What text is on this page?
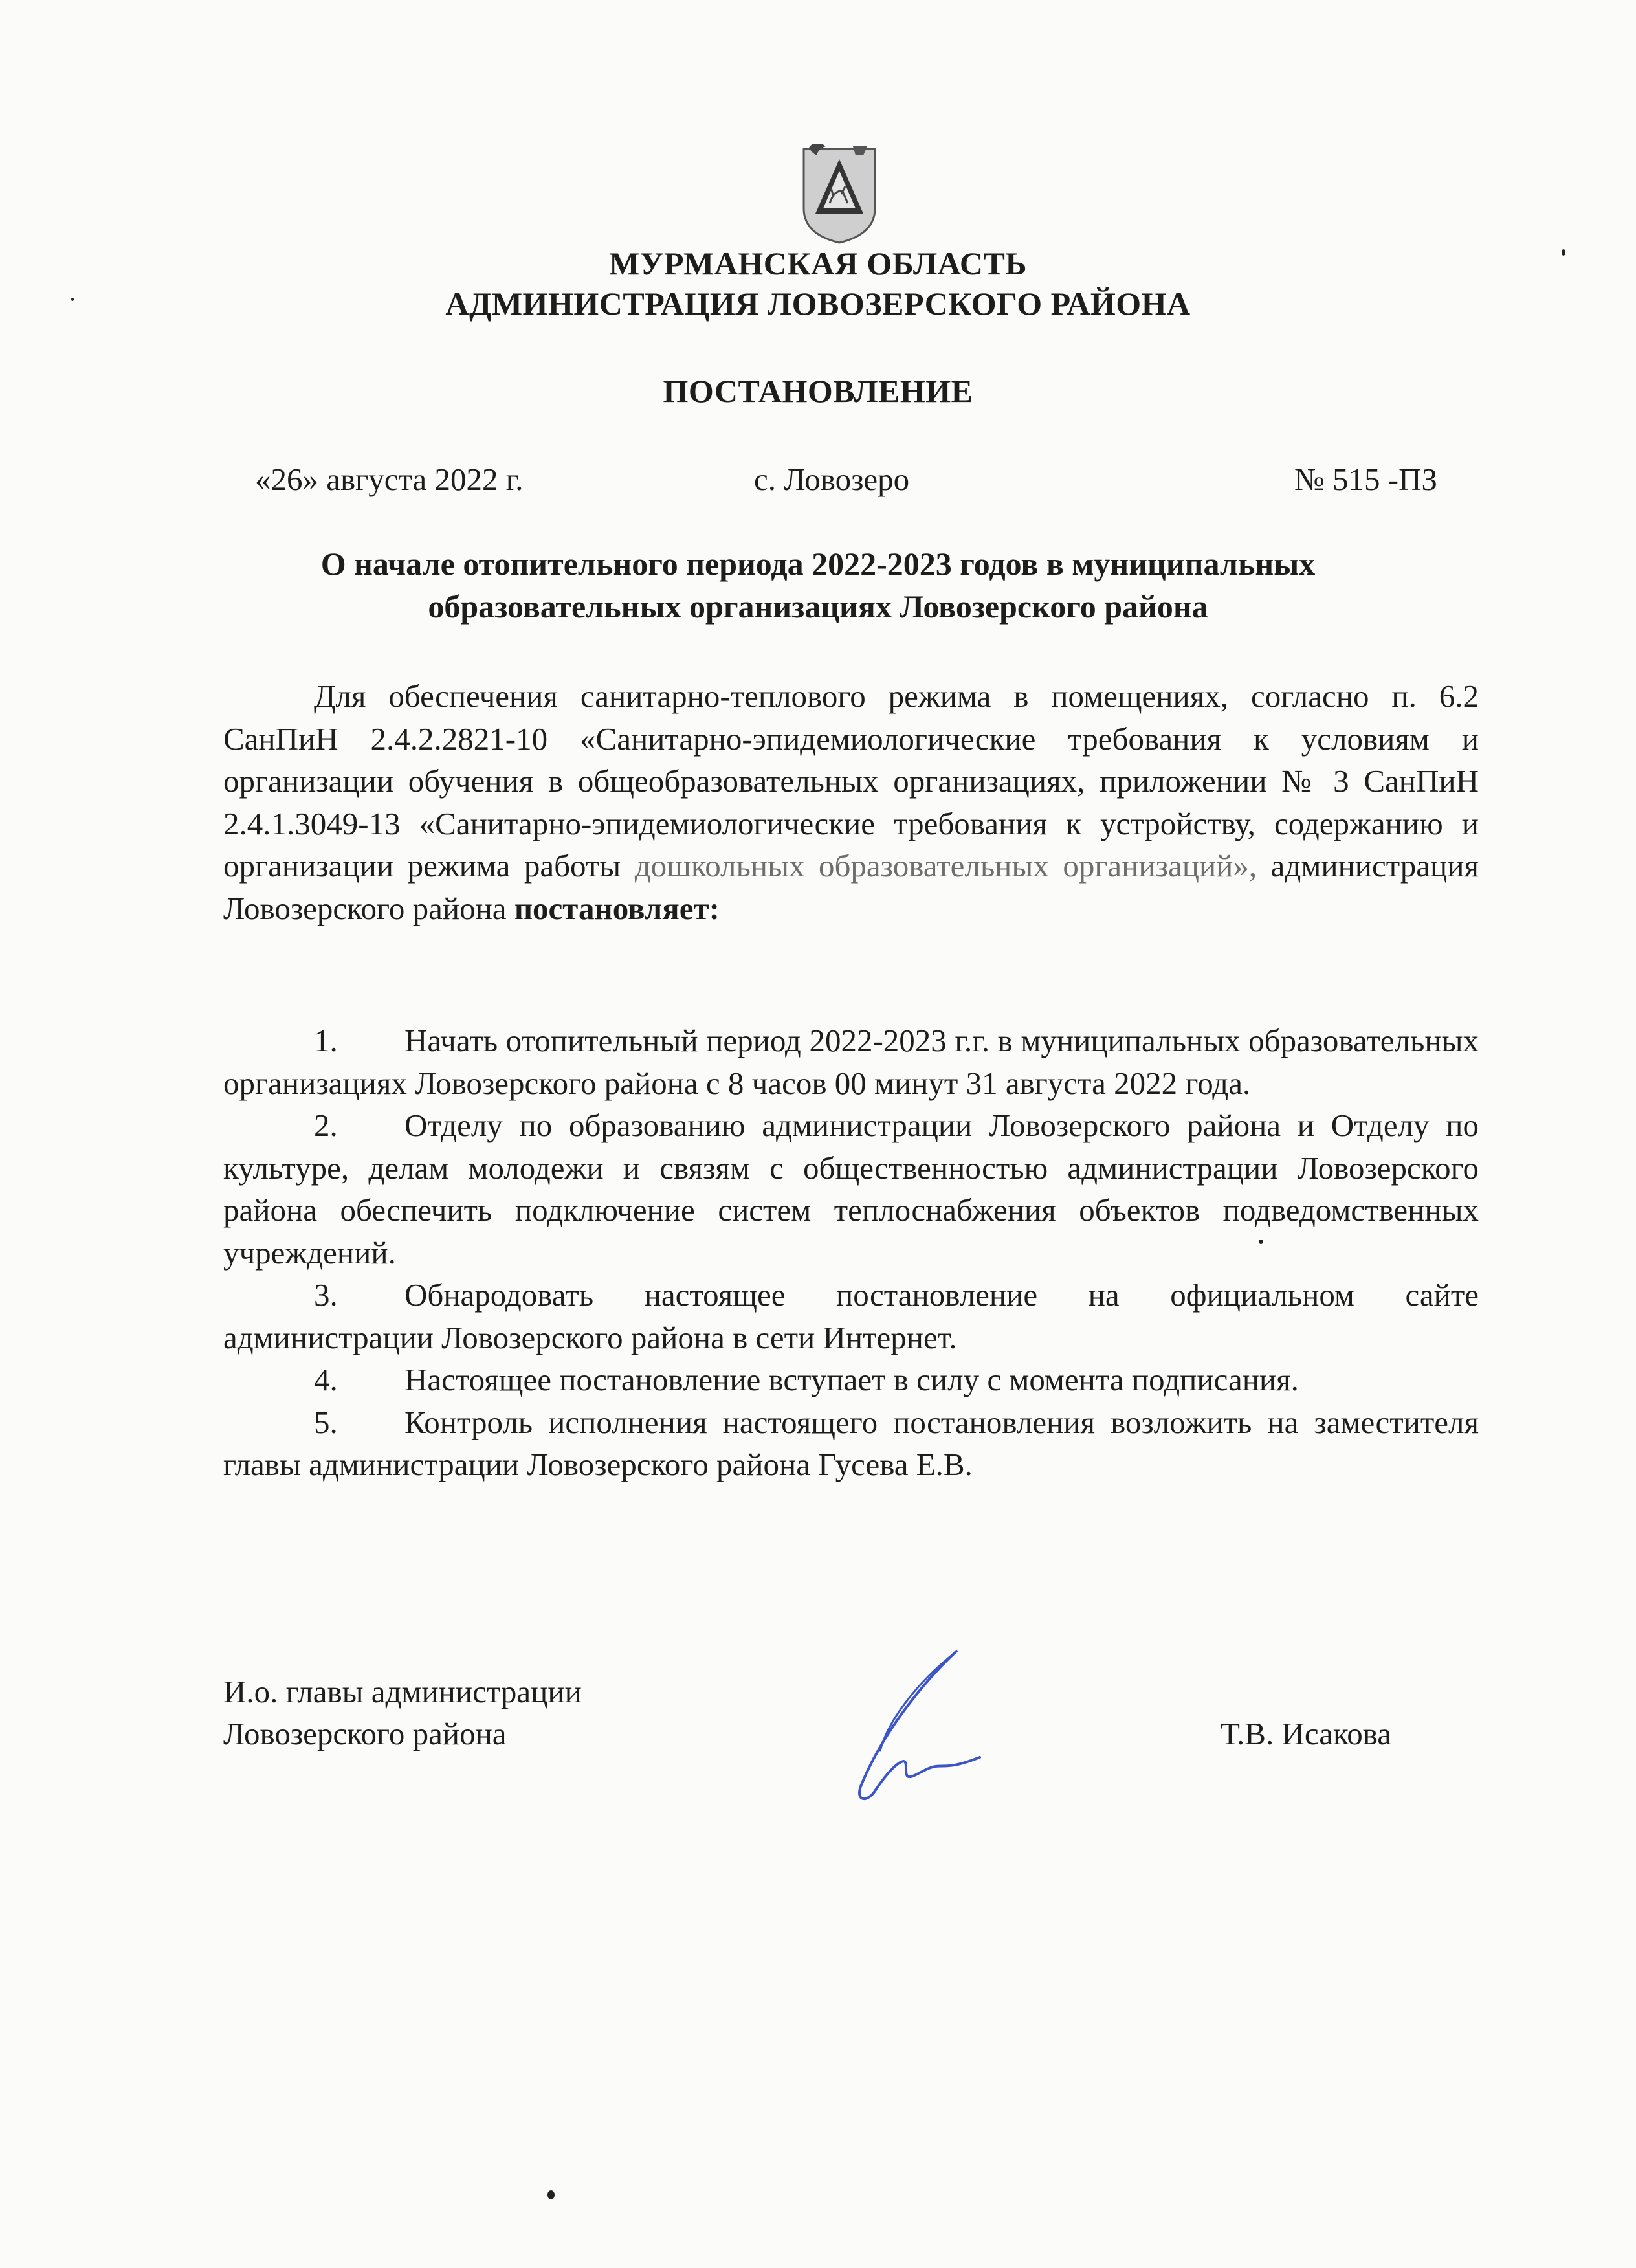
МУРМАНСКАЯ ОБЛАСТЬ
АДМИНИСТРАЦИЯ ЛОВОЗЕРСКОГО РАЙОНА
ПОСТАНОВЛЕНИЕ
«26» августа 2022 г.	с. Ловозеро	№ 515 -ПЗ
О начале отопительного периода 2022-2023 годов в муниципальных
образовательных организациях Ловозерского района

Для обеспечения санитарно-теплового режима в помещениях, согласно п. 6.2 СанПиН 2.4.2.2821-10 «Санитарно-эпидемиологические требования к условиям и организации обучения в общеобразовательных организациях, приложении № 3 СанПиН 2.4.1.3049-13 «Санитарно-эпидемиологические требования к устройству, содержанию и организации режима работы дошкольных образовательных организаций», администрация Ловозерского района постановляет:

1. Начать отопительный период 2022-2023 г.г. в муниципальных образовательных организациях Ловозерского района с 8 часов 00 минут 31 августа 2022 года.

2. Отделу по образованию администрации Ловозерского района и Отделу по культуре, делам молодежи и связям с общественностью администрации Ловозерского района обеспечить подключение систем теплоснабжения объектов подведомственных учреждений.

3. Обнародовать настоящее постановление на официальном сайте администрации Ловозерского района в сети Интернет.

4. Настоящее постановление вступает в силу с момента подписания.

5. Контроль исполнения настоящего постановления возложить на заместителя главы администрации Ловозерского района Гусева Е.В.

И.о. главы администрации
Ловозерского района	Т.В. Исакова
